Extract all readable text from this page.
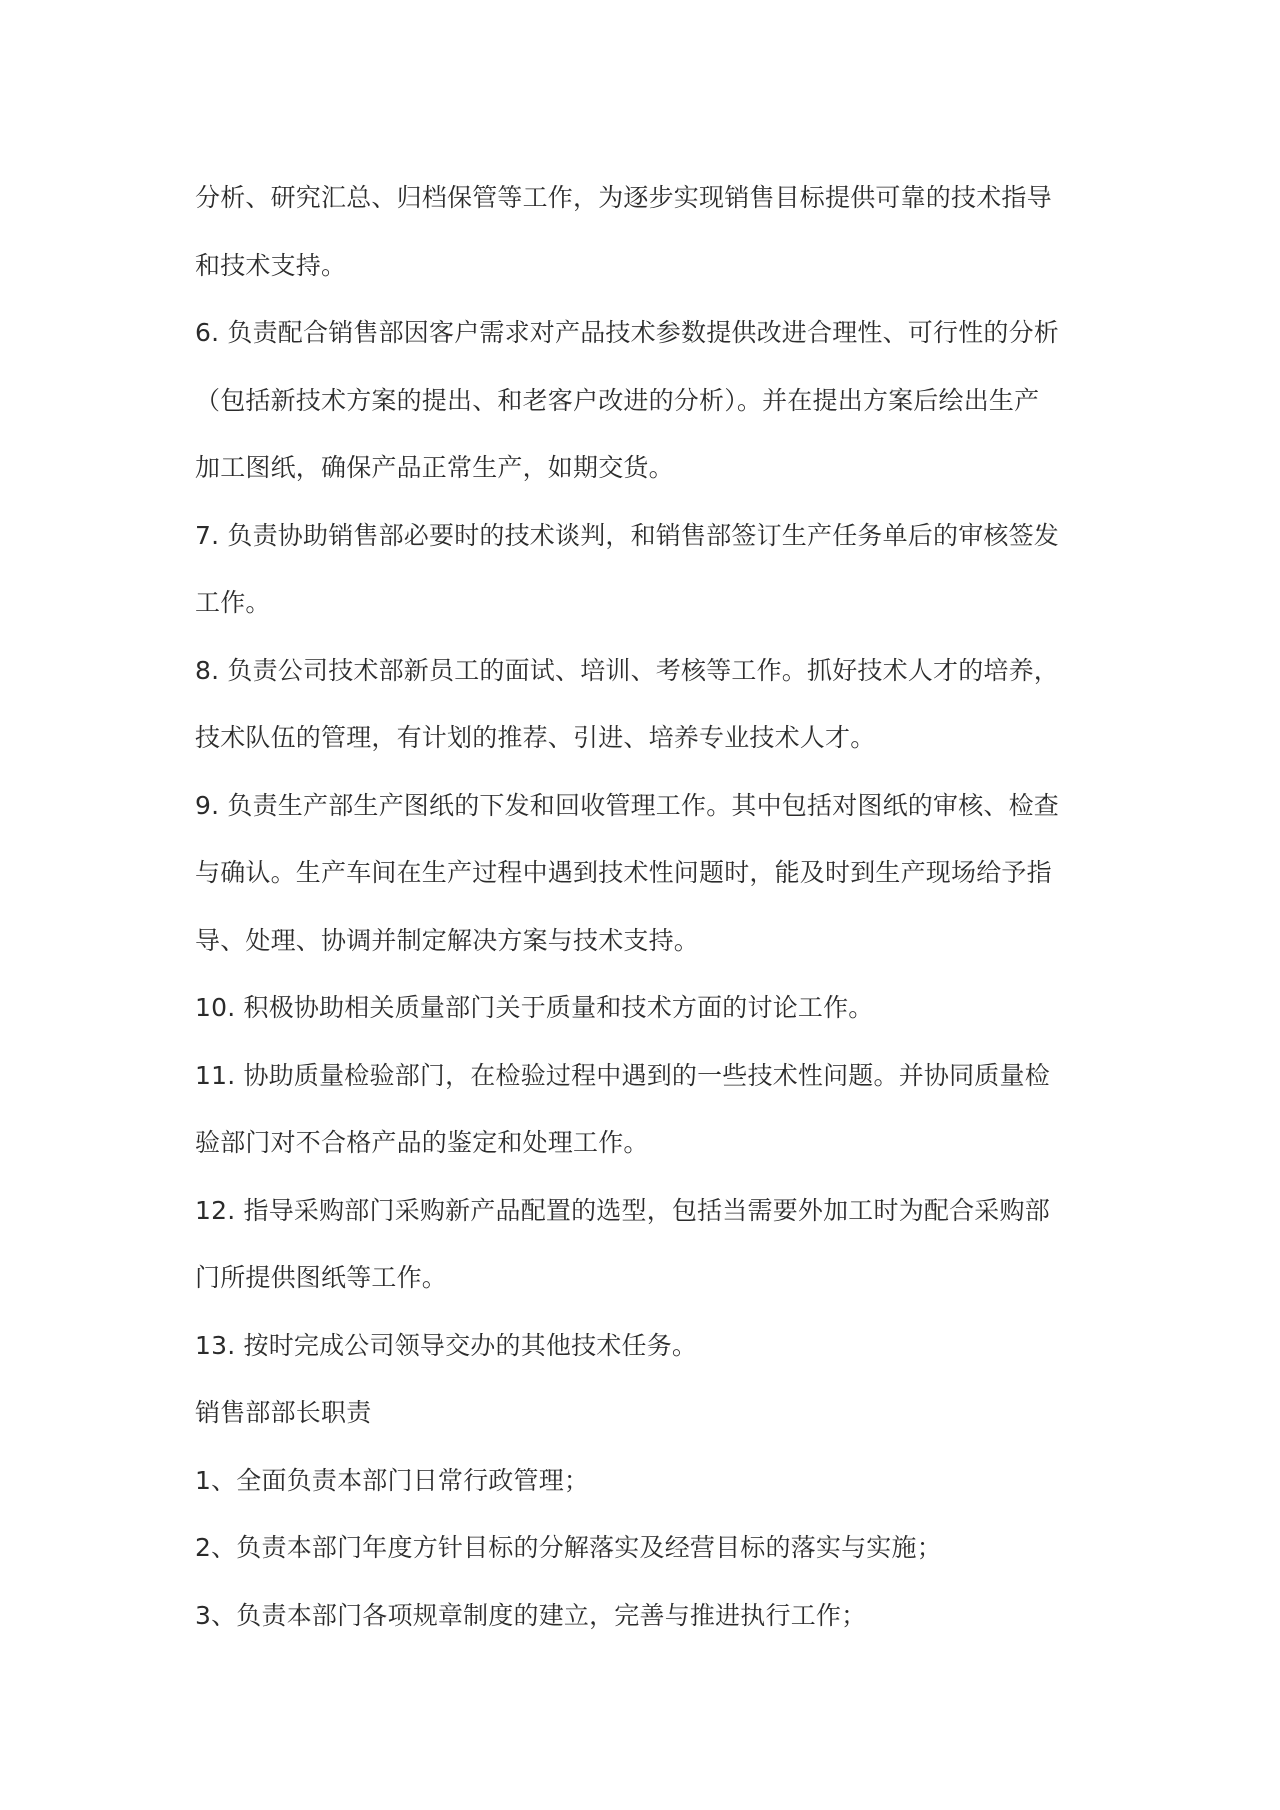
分析、研究汇总、归档保管等工作，为逐步实现销售目标提供可靠的技术指导
和技术支持。
6. 负责配合销售部因客户需求对产品技术参数提供改进合理性、可行性的分析
（包括新技术方案的提出、和老客户改进的分析）。并在提出方案后绘出生产
加工图纸，确保产品正常生产，如期交货。
7. 负责协助销售部必要时的技术谈判，和销售部签订生产任务单后的审核签发
工作。
8. 负责公司技术部新员工的面试、培训、考核等工作。抓好技术人才的培养，
技术队伍的管理，有计划的推荐、引进、培养专业技术人才。
9. 负责生产部生产图纸的下发和回收管理工作。其中包括对图纸的审核、检查
与确认。生产车间在生产过程中遇到技术性问题时，能及时到生产现场给予指
导、处理、协调并制定解决方案与技术支持。
10. 积极协助相关质量部门关于质量和技术方面的讨论工作。
11. 协助质量检验部门，在检验过程中遇到的一些技术性问题。并协同质量检
验部门对不合格产品的鉴定和处理工作。
12. 指导采购部门采购新产品配置的选型，包括当需要外加工时为配合采购部
门所提供图纸等工作。
13. 按时完成公司领导交办的其他技术任务。
销售部部长职责
1、全面负责本部门日常行政管理；
2、负责本部门年度方针目标的分解落实及经营目标的落实与实施；
3、负责本部门各项规章制度的建立，完善与推进执行工作；
